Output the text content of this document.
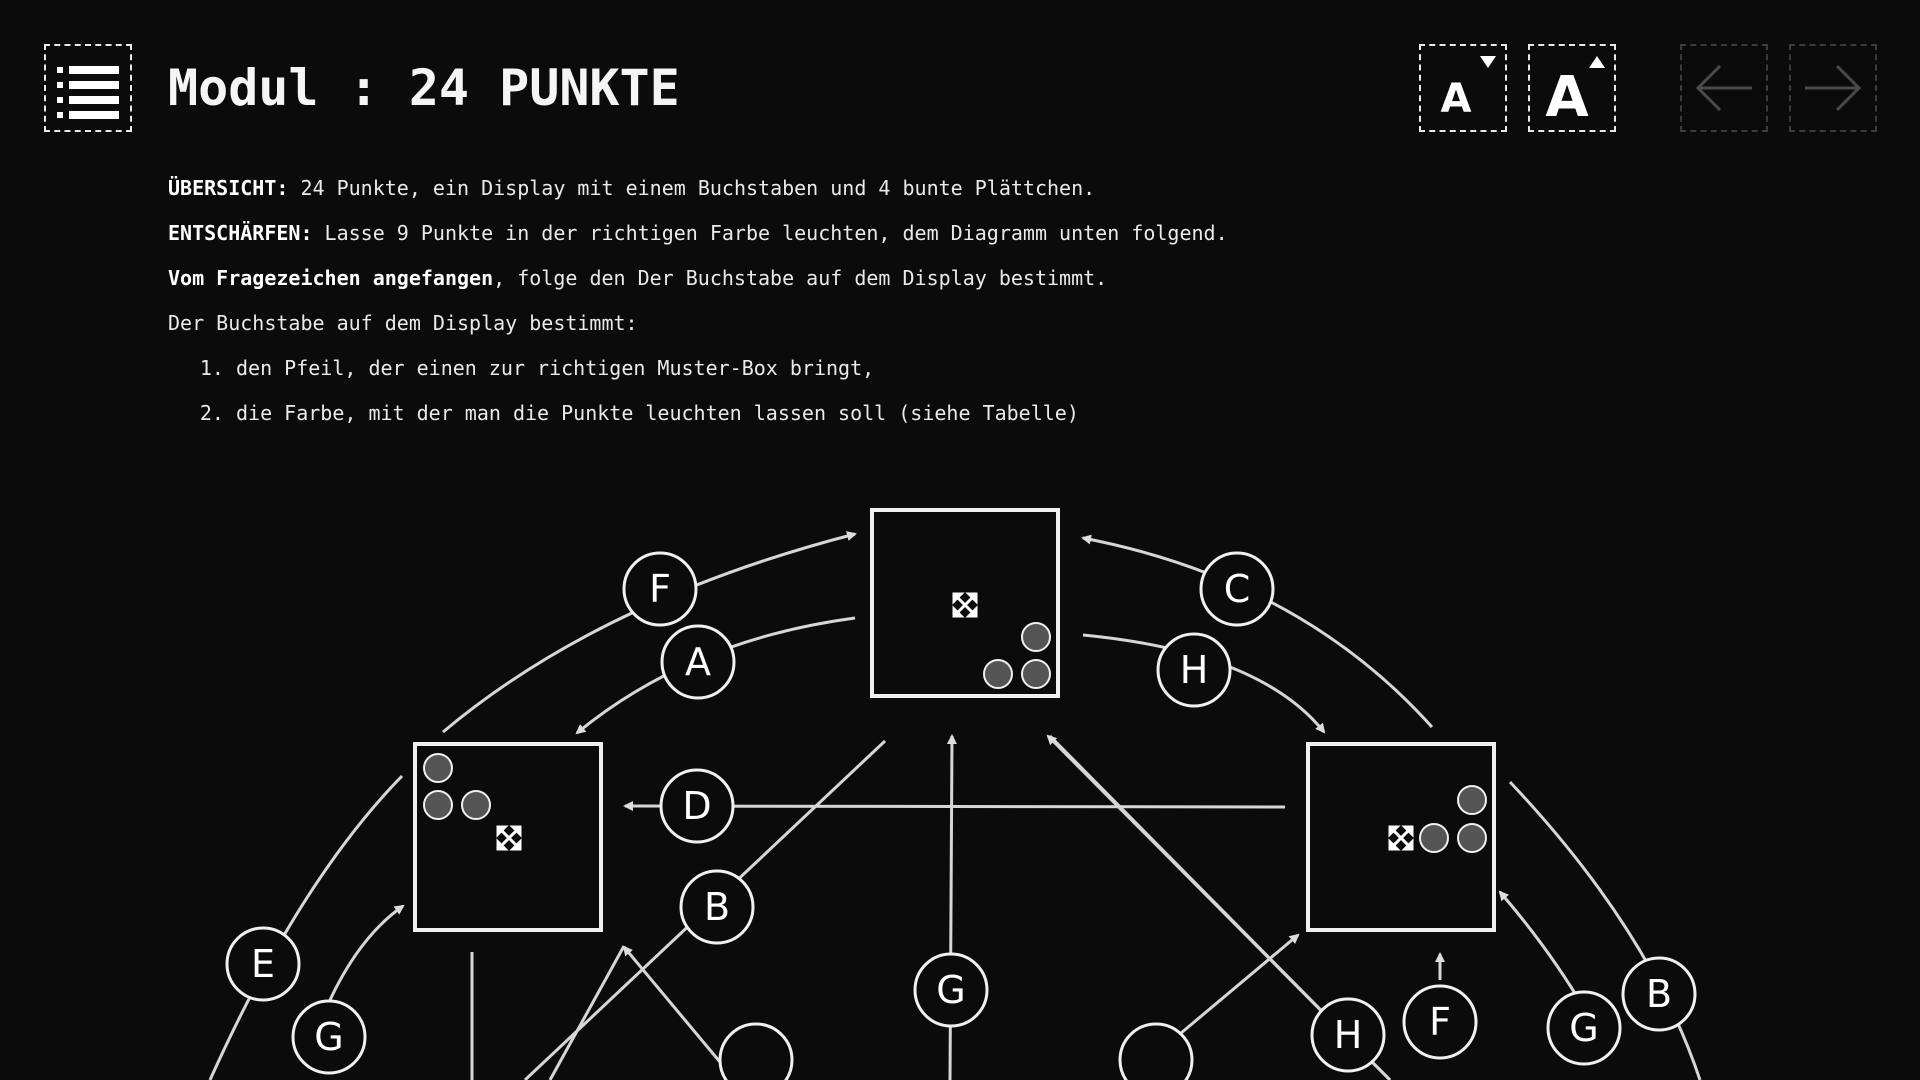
Modul : 24 PUNKTE	A A

ÜBERSICHT: 24 Punkte, ein Display mit einem Buchstaben und 4 bunte Plättchen.

ENTSCHÄRFEN: Lasse 9 Punkte in der richtigen Farbe leuchten, dem Diagramm unten folgend.

Vom Fragezeichen angefangen, folge den Der Buchstabe auf dem Display bestimmt.

Der Buchstabe auf dem Display bestimmt:

1. den Pfeil, der einen zur richtigen Muster-Box bringt,
2. die Farbe, mit der man die Punkte leuchten lassen soll (siehe Tabelle)
F
A
C
H
D
B
E
G
G
H F	G
B
